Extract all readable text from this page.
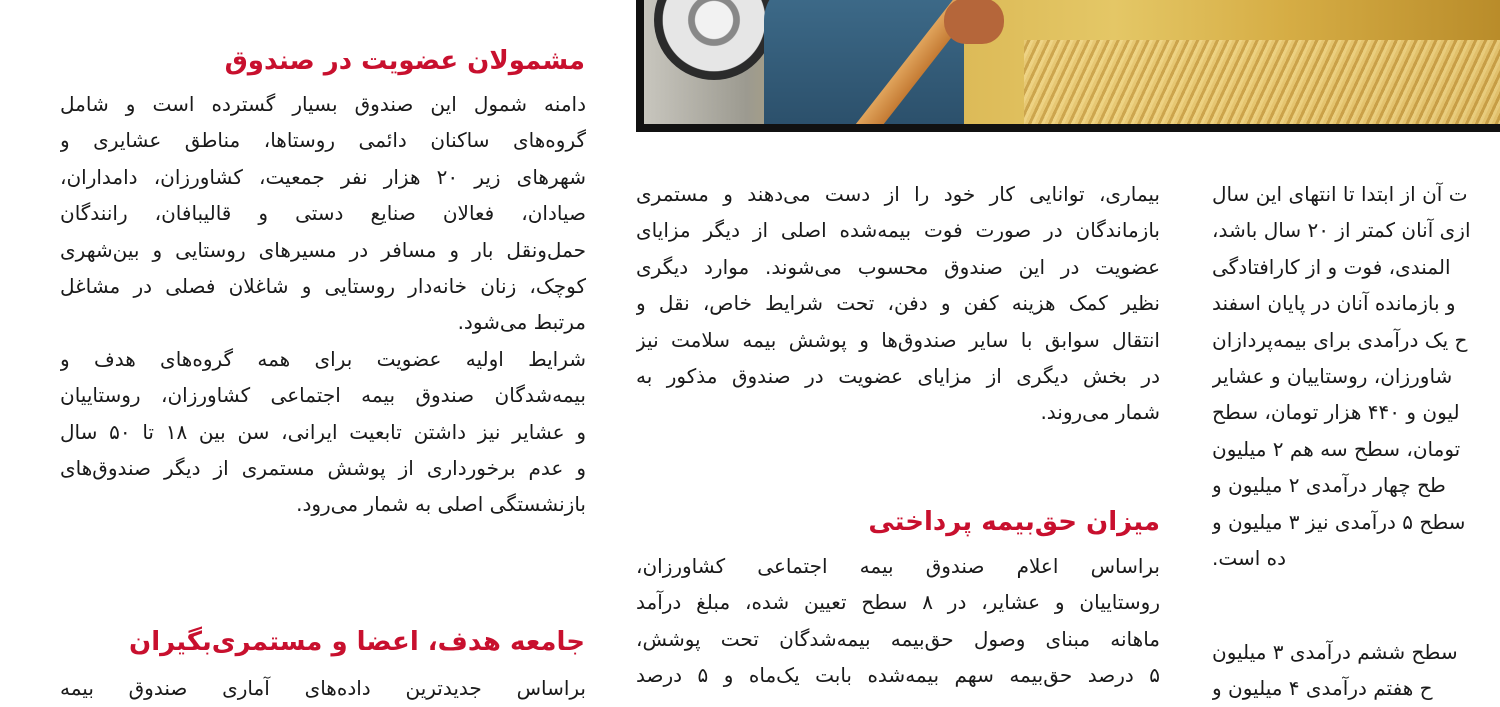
مشمولان عضویت در صندوق
دامنه شمول این صندوق بسیار گسترده است و شامل
گروه‌های ساکنان دائمی روستاها، مناطق عشایری و
شهرهای زیر ۲۰ هزار نفر جمعیت، کشاورزان، دامداران،
صیادان، فعالان صنایع دستی و قالیبافان، رانندگان
حمل‌ونقل بار و مسافر در مسیرهای روستایی و بین‌شهری
کوچک، زنان خانه‌دار روستایی و شاغلان فصلی در مشاغل
مرتبط می‌شود.
شرایط اولیه عضویت برای همه گروه‌های هدف و
بیمه‌شدگان صندوق بیمه اجتماعی کشاورزان، روستاییان
و عشایر نیز داشتن تابعیت ایرانی، سن بین ۱۸ تا ۵۰ سال
و عدم برخورداری از پوشش مستمری از دیگر صندوق‌های
بازنشستگی اصلی به شمار می‌رود.
جامعه هدف، اعضا و مستمری‌بگیران
براساس جدیدترین داده‌های آماری صندوق بیمه
بیماری، توانایی کار خود را از دست می‌دهند و مستمری
بازماندگان در صورت فوت بیمه‌شده اصلی از دیگر مزایای
عضویت در این صندوق محسوب می‌شوند. موارد دیگری
نظیر کمک هزینه کفن و دفن، تحت شرایط خاص، نقل و
انتقال سوابق با سایر صندوق‌ها و پوشش بیمه سلامت نیز
در بخش دیگری از مزایای عضویت در صندوق مذکور به
شمار می‌روند.
میزان حق‌بیمه پرداختی
براساس اعلام صندوق بیمه اجتماعی کشاورزان،
روستاییان و عشایر، در ۸ سطح تعیین شده، مبلغ درآمد
ماهانه مبنای وصول حق‌بیمه بیمه‌شدگان تحت پوشش،
۵ درصد حق‌بیمه سهم بیمه‌شده بابت یک‌ماه و ۵ درصد
ت آن از ابتدا تا انتهای این سال
ازی آنان کمتر از ۲۰ سال باشد،
المندی، فوت و از کارافتادگی
و بازمانده آنان در پایان اسفند
ح یک درآمدی برای بیمه‌پردازان
شاورزان، روستاییان و عشایر
لیون و ۴۴۰ هزار تومان، سطح
تومان، سطح سه هم ۲ میلیون
طح چهار درآمدی ۲ میلیون و
سطح ۵ درآمدی نیز ۳ میلیون و
ده است.
سطح ششم درآمدی ۳ میلیون
ح هفتم درآمدی ۴ میلیون و
